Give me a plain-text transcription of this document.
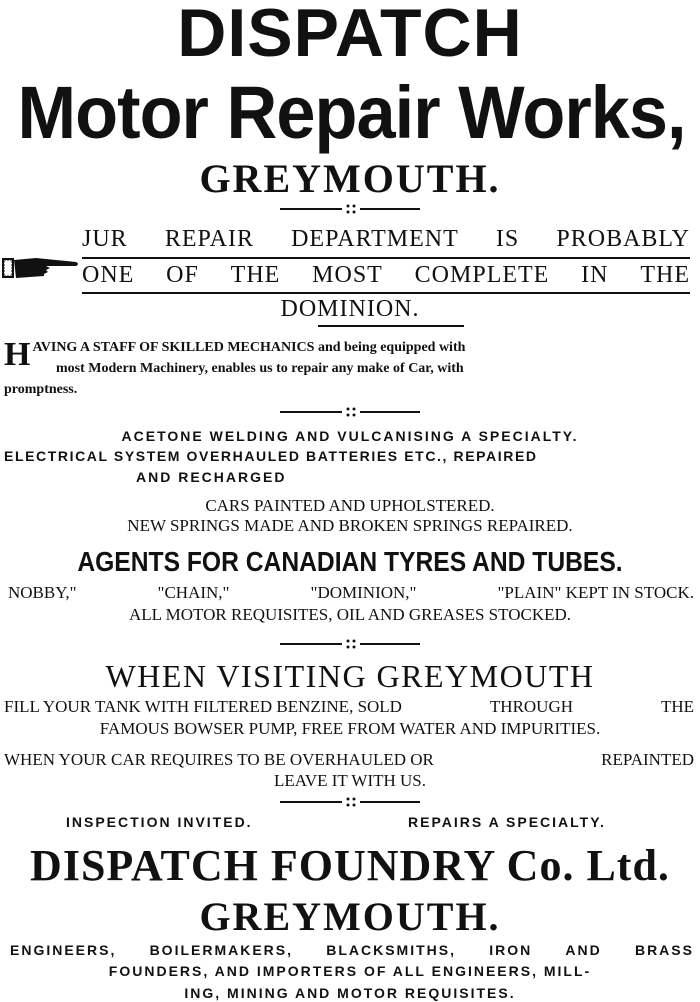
DISPATCH
Motor Repair Works,
GREYMOUTH.
JUR REPAIR DEPARTMENT IS PROBABLY
ONE OF THE MOST COMPLETE IN THE
DOMINION.
H AVING A STAFF OF SKILLED MECHANICS and being equipped with
most Modern Machinery, enables us to repair any make of Car, with
promptness.
ACETONE WELDING AND VULCANISING A SPECIALTY.
ELECTRICAL SYSTEM OVERHAULED BATTERIES ETC., REPAIRED
AND RECHARGED
CARS PAINTED AND UPHOLSTERED.
NEW SPRINGS MADE AND BROKEN SPRINGS REPAIRED.
AGENTS FOR CANADIAN TYRES AND TUBES.
NOBBY,"	"CHAIN,"	"DOMINION,"	"PLAIN" KEPT IN STOCK.
ALL MOTOR REQUISITES, OIL AND GREASES STOCKED.
WHEN VISITING GREYMOUTH
FILL YOUR TANK WITH FILTERED BENZINE, SOLD	THROUGH	THE
FAMOUS BOWSER PUMP, FREE FROM WATER AND IMPURITIES.
WHEN YOUR CAR REQUIRES TO BE OVERHAULED OR	REPAINTED
LEAVE IT WITH US.
INSPECTION INVITED.	REPAIRS A SPECIALTY.
DISPATCH FOUNDRY Co. Ltd.
GREYMOUTH.
ENGINEERS, BOILERMAKERS, BLACKSMITHS, IRON AND BRASS
FOUNDERS, AND IMPORTERS OF ALL ENGINEERS, MILL-
ING, MINING AND MOTOR REQUISITES.
